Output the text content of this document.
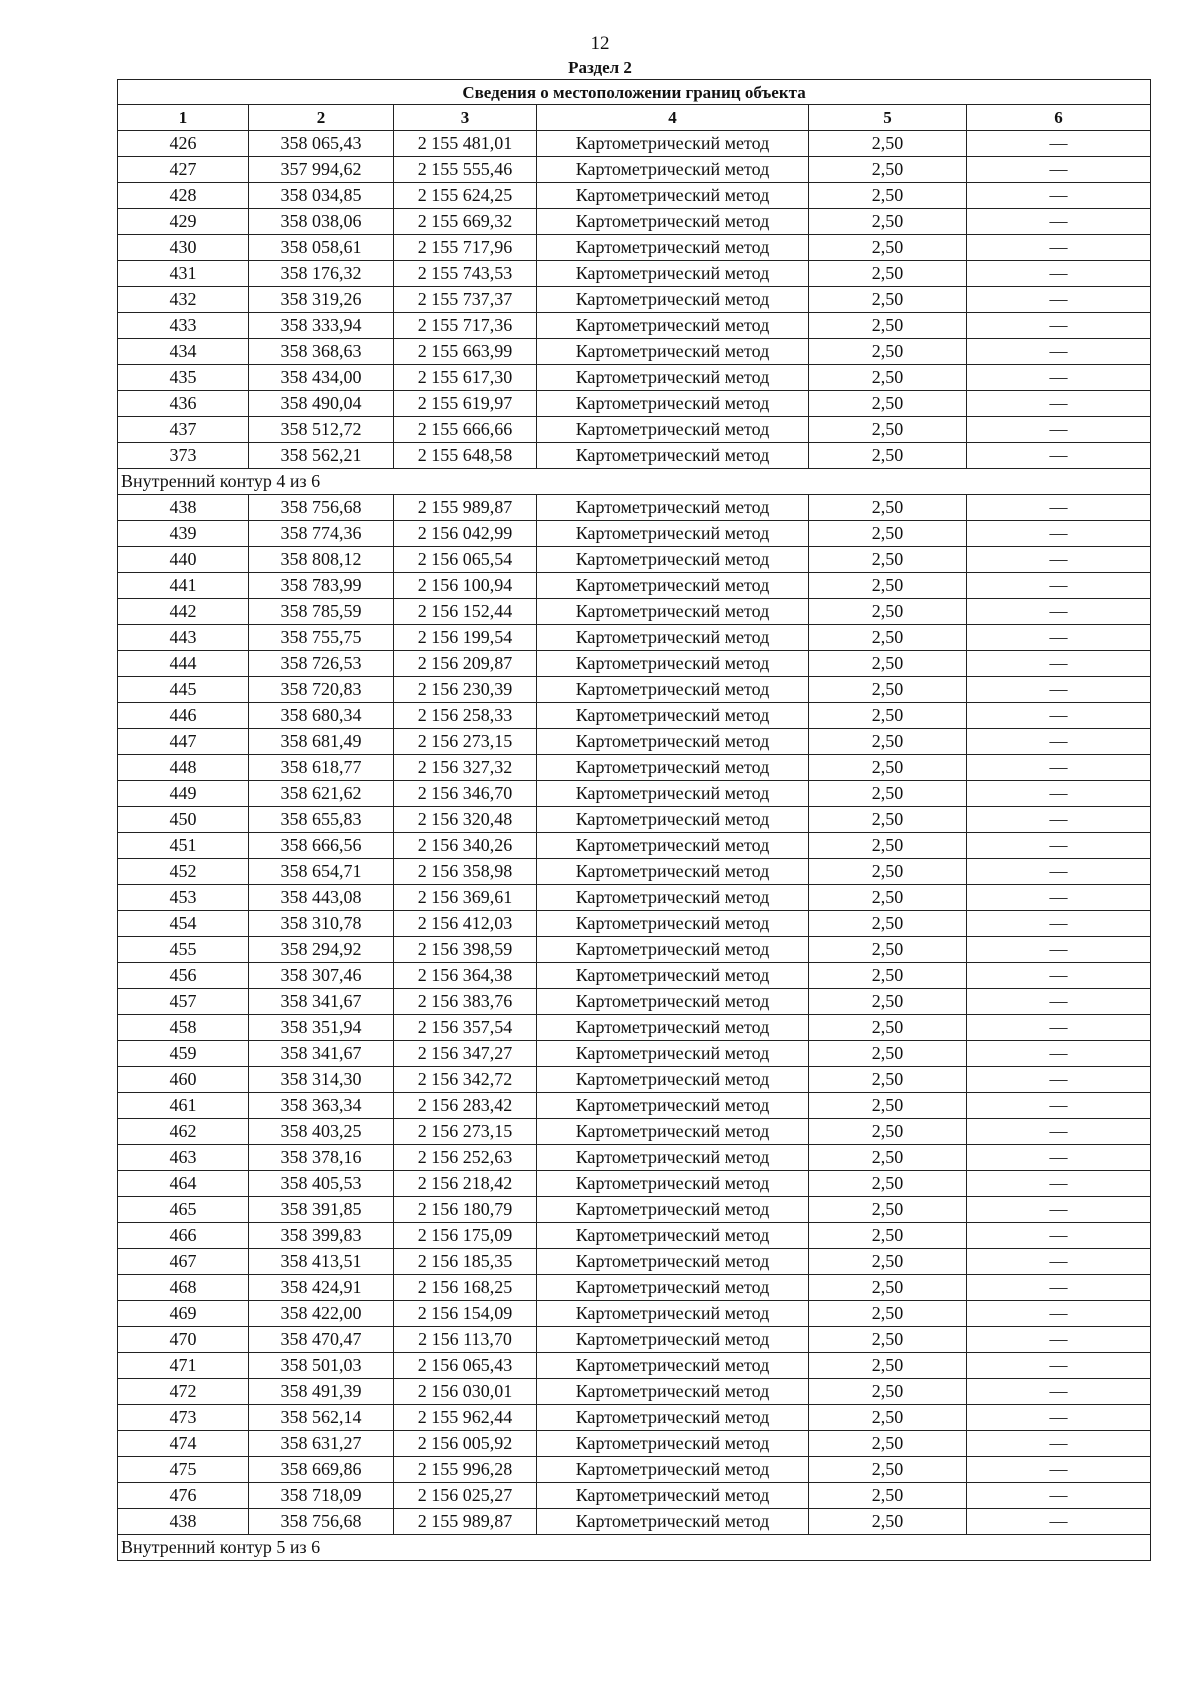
12
Раздел 2
Сведения о местоположении границ объекта					
1	2	3	4	5	6
426	358 065,43	2 155 481,01	Картометрический метод	2,50	—
427	357 994,62	2 155 555,46	Картометрический метод	2,50	—
428	358 034,85	2 155 624,25	Картометрический метод	2,50	—
429	358 038,06	2 155 669,32	Картометрический метод	2,50	—
430	358 058,61	2 155 717,96	Картометрический метод	2,50	—
431	358 176,32	2 155 743,53	Картометрический метод	2,50	—
432	358 319,26	2 155 737,37	Картометрический метод	2,50	—
433	358 333,94	2 155 717,36	Картометрический метод	2,50	—
434	358 368,63	2 155 663,99	Картометрический метод	2,50	—
435	358 434,00	2 155 617,30	Картометрический метод	2,50	—
436	358 490,04	2 155 619,97	Картометрический метод	2,50	—
437	358 512,72	2 155 666,66	Картометрический метод	2,50	—
373	358 562,21	2 155 648,58	Картометрический метод	2,50	—
Внутренний контур 4 из 6					
438	358 756,68	2 155 989,87	Картометрический метод	2,50	—
439	358 774,36	2 156 042,99	Картометрический метод	2,50	—
440	358 808,12	2 156 065,54	Картометрический метод	2,50	—
441	358 783,99	2 156 100,94	Картометрический метод	2,50	—
442	358 785,59	2 156 152,44	Картометрический метод	2,50	—
443	358 755,75	2 156 199,54	Картометрический метод	2,50	—
444	358 726,53	2 156 209,87	Картометрический метод	2,50	—
445	358 720,83	2 156 230,39	Картометрический метод	2,50	—
446	358 680,34	2 156 258,33	Картометрический метод	2,50	—
447	358 681,49	2 156 273,15	Картометрический метод	2,50	—
448	358 618,77	2 156 327,32	Картометрический метод	2,50	—
449	358 621,62	2 156 346,70	Картометрический метод	2,50	—
450	358 655,83	2 156 320,48	Картометрический метод	2,50	—
451	358 666,56	2 156 340,26	Картометрический метод	2,50	—
452	358 654,71	2 156 358,98	Картометрический метод	2,50	—
453	358 443,08	2 156 369,61	Картометрический метод	2,50	—
454	358 310,78	2 156 412,03	Картометрический метод	2,50	—
455	358 294,92	2 156 398,59	Картометрический метод	2,50	—
456	358 307,46	2 156 364,38	Картометрический метод	2,50	—
457	358 341,67	2 156 383,76	Картометрический метод	2,50	—
458	358 351,94	2 156 357,54	Картометрический метод	2,50	—
459	358 341,67	2 156 347,27	Картометрический метод	2,50	—
460	358 314,30	2 156 342,72	Картометрический метод	2,50	—
461	358 363,34	2 156 283,42	Картометрический метод	2,50	—
462	358 403,25	2 156 273,15	Картометрический метод	2,50	—
463	358 378,16	2 156 252,63	Картометрический метод	2,50	—
464	358 405,53	2 156 218,42	Картометрический метод	2,50	—
465	358 391,85	2 156 180,79	Картометрический метод	2,50	—
466	358 399,83	2 156 175,09	Картометрический метод	2,50	—
467	358 413,51	2 156 185,35	Картометрический метод	2,50	—
468	358 424,91	2 156 168,25	Картометрический метод	2,50	—
469	358 422,00	2 156 154,09	Картометрический метод	2,50	—
470	358 470,47	2 156 113,70	Картометрический метод	2,50	—
471	358 501,03	2 156 065,43	Картометрический метод	2,50	—
472	358 491,39	2 156 030,01	Картометрический метод	2,50	—
473	358 562,14	2 155 962,44	Картометрический метод	2,50	—
474	358 631,27	2 156 005,92	Картометрический метод	2,50	—
475	358 669,86	2 155 996,28	Картометрический метод	2,50	—
476	358 718,09	2 156 025,27	Картометрический метод	2,50	—
438	358 756,68	2 155 989,87	Картометрический метод	2,50	—
Внутренний контур 5 из 6					
